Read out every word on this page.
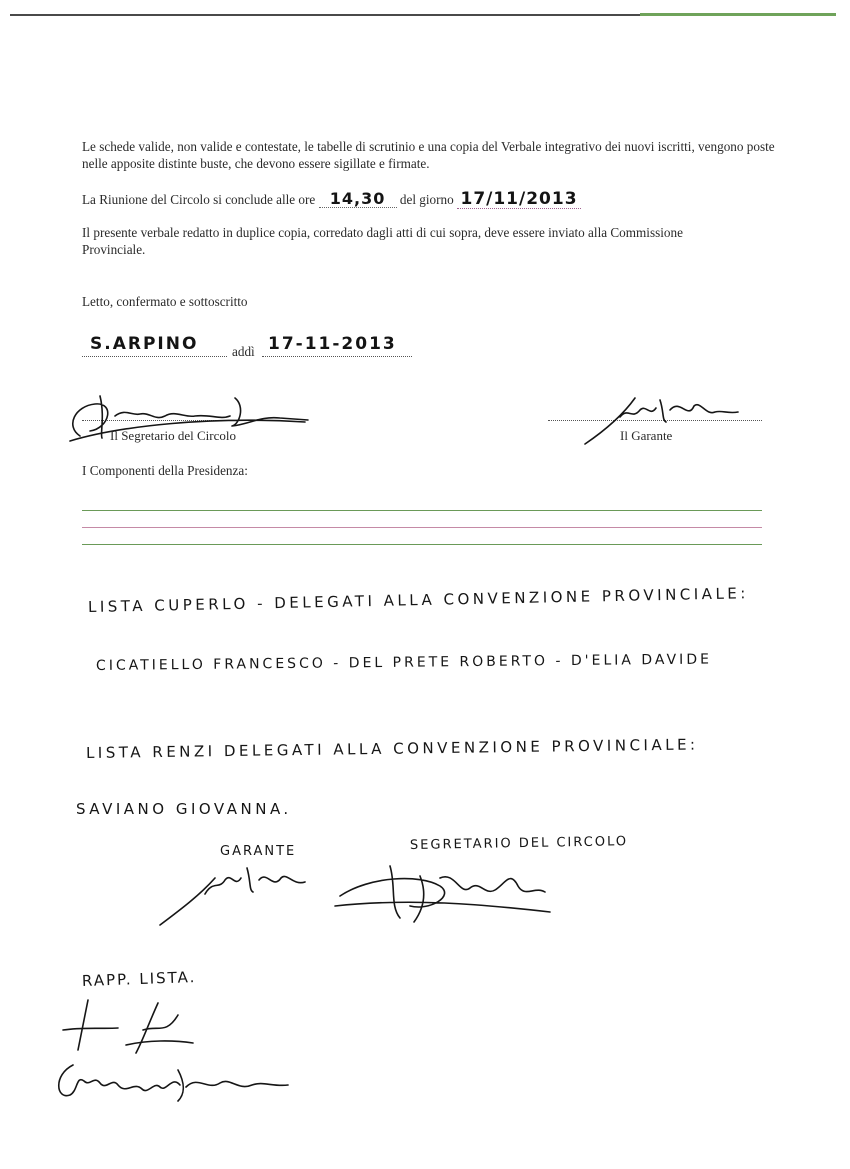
Le schede valide, non valide e contestate, le tabelle di scrutinio e una copia del Verbale integrativo dei nuovi iscritti, vengono poste nelle apposite distinte buste, che devono essere sigillate e firmate.
La Riunione del Circolo si conclude alle ore 14,30 del giorno 17/11/2013
Il presente verbale redatto in duplice copia, corredato dagli atti di cui sopra, deve essere inviato alla Commissione Provinciale.
Letto, confermato e sottoscritto
S.ARPINO	addì 17-11-2013
Il Segretario del Circolo	Il Garante
I Componenti della Presidenza:
LISTA CUPERLO - DELEGATI ALLA CONVENZIONE PROVINCIALE:
CICATIELLO FRANCESCO - DEL PRETE ROBERTO - D'ELIA DAVIDE
LISTA RENZI DELEGATI ALLA CONVENZIONE PROVINCIALE:
SAVIANO GIOVANNA.
GARANTE	SEGRETARIO DEL CIRCOLO
RAPP. LISTA.
